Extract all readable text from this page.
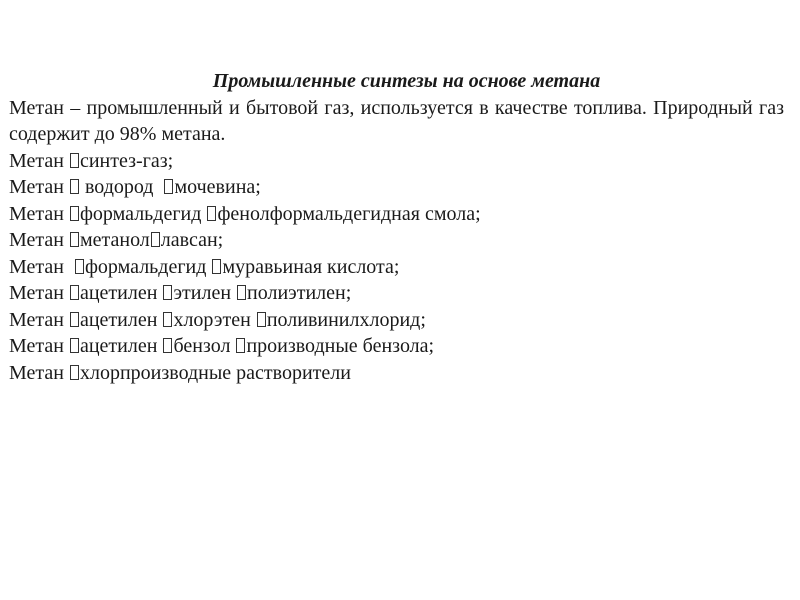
Промышленные синтезы на основе метана

Метан – промышленный и бытовой газ, используется в качестве топлива. Природный газ содержит до 98% метана.

Метан синтез-газ;

Метан  водород  мочевина;

Метан формальдегид фенолформальдегидная смола;

Метан метанол лавсан;

Метан  формальдегид муравьиная кислота;

Метан ацетилен этилен полиэтилен;

Метан ацетилен хлорэтен поливинилхлорид;

Метан ацетилен бензол производные бензола;

Метан хлорпроизводные растворители
